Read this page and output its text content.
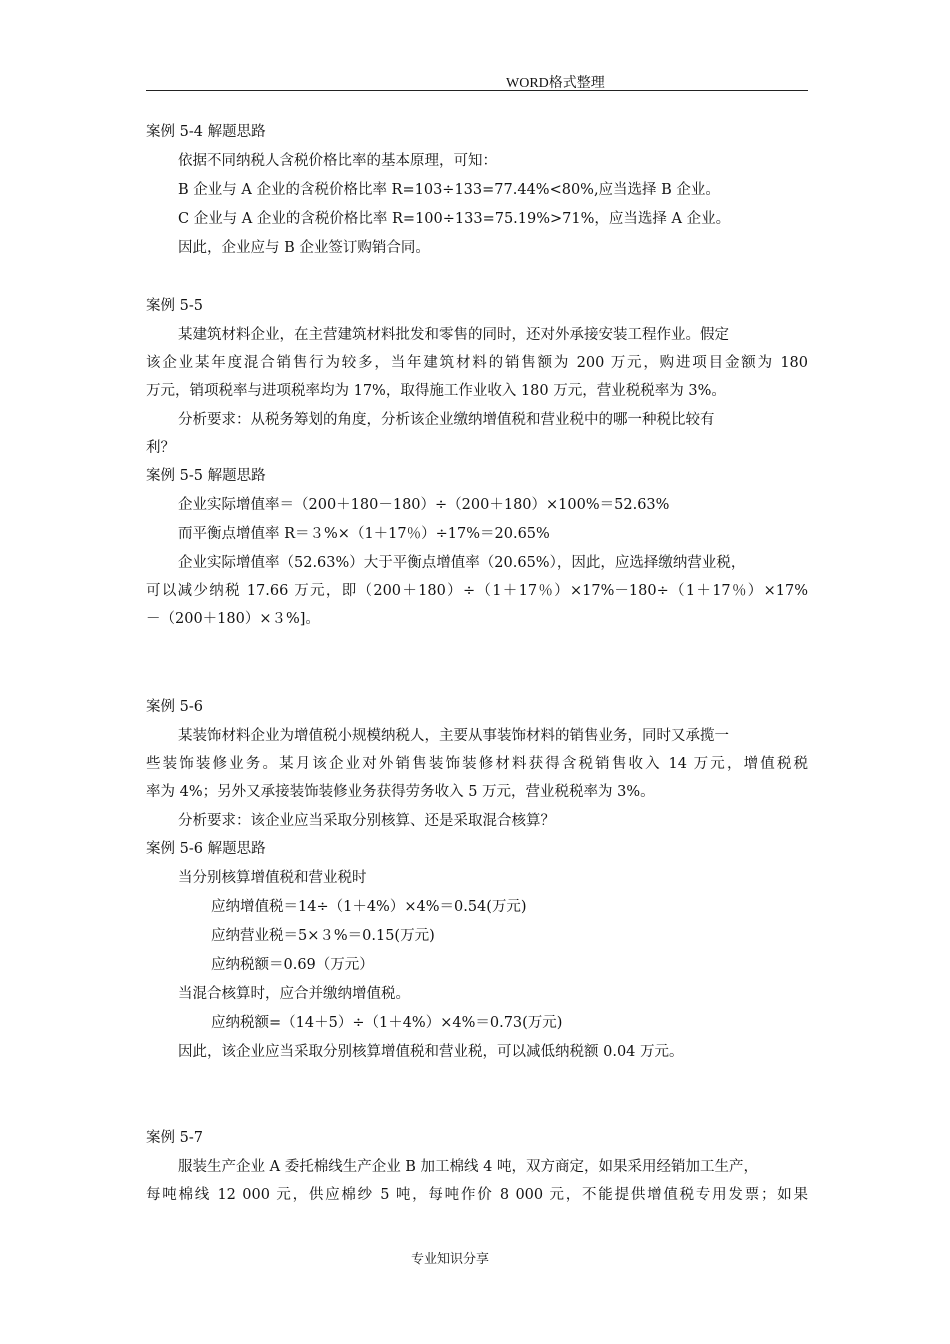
WORD格式整理
案例 5-4 解题思路
依据不同纳税人含税价格比率的基本原理，可知：
B 企业与 A 企业的含税价格比率 R=103÷133=77.44%<80%,应当选择 B 企业。
C 企业与 A 企业的含税价格比率 R=100÷133=75.19%>71%，应当选择 A 企业。
因此，企业应与 B 企业签订购销合同。
案例 5-5
某建筑材料企业，在主营建筑材料批发和零售的同时，还对外承接安装工程作业。假定
该企业某年度混合销售行为较多，当年建筑材料的销售额为 200 万元，购进项目金额为 180
万元，销项税率与进项税率均为 17%，取得施工作业收入 180 万元，营业税税率为 3%。
分析要求：从税务筹划的角度，分析该企业缴纳增值税和营业税中的哪一种税比较有
利？
案例 5-5 解题思路
企业实际增值率＝（200＋180－180）÷（200＋180）×100%＝52.63%
而平衡点增值率 R＝３%×（1＋17％）÷17%＝20.65%
企业实际增值率（52.63%）大于平衡点增值率（20.65%），因此，应选择缴纳营业税，
可以减少纳税 17.66 万元，即（200＋180）÷（1＋17％）×17%－180÷（1＋17％）×17%
－（200＋180）×３%]。
案例 5-6
某装饰材料企业为增值税小规模纳税人，主要从事装饰材料的销售业务，同时又承揽一
些装饰装修业务。某月该企业对外销售装饰装修材料获得含税销售收入 14 万元，增值税税
率为 4%；另外又承接装饰装修业务获得劳务收入 5 万元，营业税税率为 3%。
分析要求：该企业应当采取分别核算、还是采取混合核算？
案例 5-6 解题思路
当分别核算增值税和营业税时
应纳增值税＝14÷（1＋4%）×4%＝0.54(万元)
应纳营业税＝5×３%＝0.15(万元)
应纳税额＝0.69（万元）
当混合核算时，应合并缴纳增值税。
应纳税额=（14＋5）÷（1＋4%）×4%＝0.73(万元)
因此，该企业应当采取分别核算增值税和营业税，可以减低纳税额 0.04 万元。
案例 5-7
服装生产企业 A 委托棉线生产企业 B 加工棉线 4 吨，双方商定，如果采用经销加工生产，
每吨棉线 12 000 元，供应棉纱 5 吨，每吨作价 8 000 元，不能提供增值税专用发票；如果
专业知识分享
